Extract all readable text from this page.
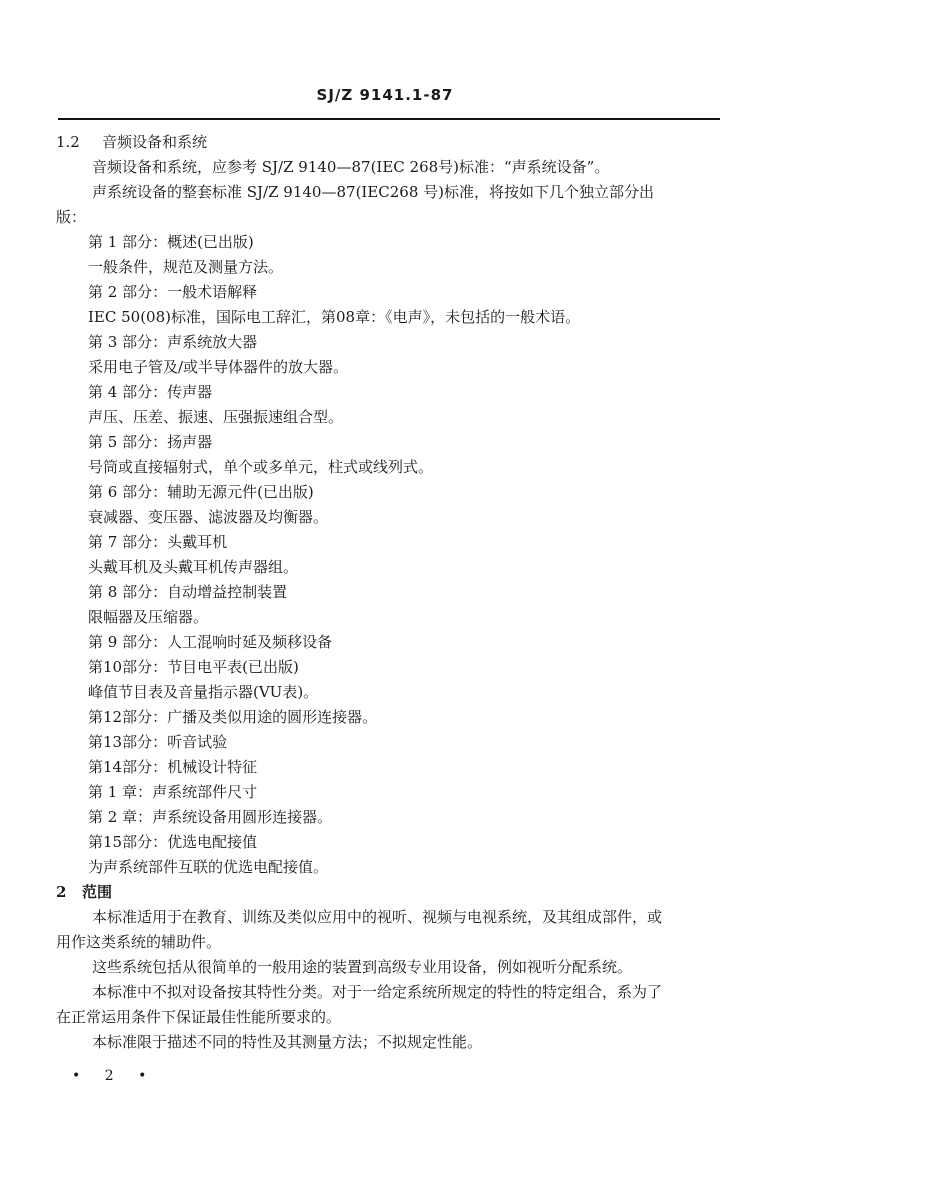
SJ/Z 9141.1-87
1.2	音频设备和系统
音频设备和系统，应参考 SJ/Z 9140—87(IEC 268号)标准：“声系统设备”。
声系统设备的整套标准 SJ/Z 9140—87(IEC268 号)标准，将按如下几个独立部分出
版：
第 1 部分：概述(已出版)
一般条件，规范及测量方法。
第 2 部分：一般术语解释
IEC 50(08)标准，国际电工辞汇，第08章：《电声》，未包括的一般术语。
第 3 部分：声系统放大器
采用电子管及/或半导体器件的放大器。
第 4 部分：传声器
声压、压差、振速、压强振速组合型。
第 5 部分：扬声器
号筒或直接辐射式，单个或多单元，柱式或线列式。
第 6 部分：辅助无源元件(已出版)
衰减器、变压器、滤波器及均衡器。
第 7 部分：头戴耳机
头戴耳机及头戴耳机传声器组。
第 8 部分：自动增益控制装置
限幅器及压缩器。
第 9 部分：人工混响时延及频移设备
第10部分：节目电平表(已出版)
峰值节目表及音量指示器(VU表)。
第12部分：广播及类似用途的圆形连接器。
第13部分：听音试验
第14部分：机械设计特征
第 1 章：声系统部件尺寸
第 2 章：声系统设备用圆形连接器。
第15部分：优选电配接值
为声系统部件互联的优选电配接值。
2	范围
本标准适用于在教育、训练及类似应用中的视听、视频与电视系统，及其组成部件，或
用作这类系统的辅助件。
这些系统包括从很简单的一般用途的装置到高级专业用设备，例如视听分配系统。
本标准中不拟对设备按其特性分类。对于一给定系统所规定的特性的特定组合，系为了
在正常运用条件下保证最佳性能所要求的。
本标准限于描述不同的特性及其测量方法；不拟规定性能。
• 2 •
